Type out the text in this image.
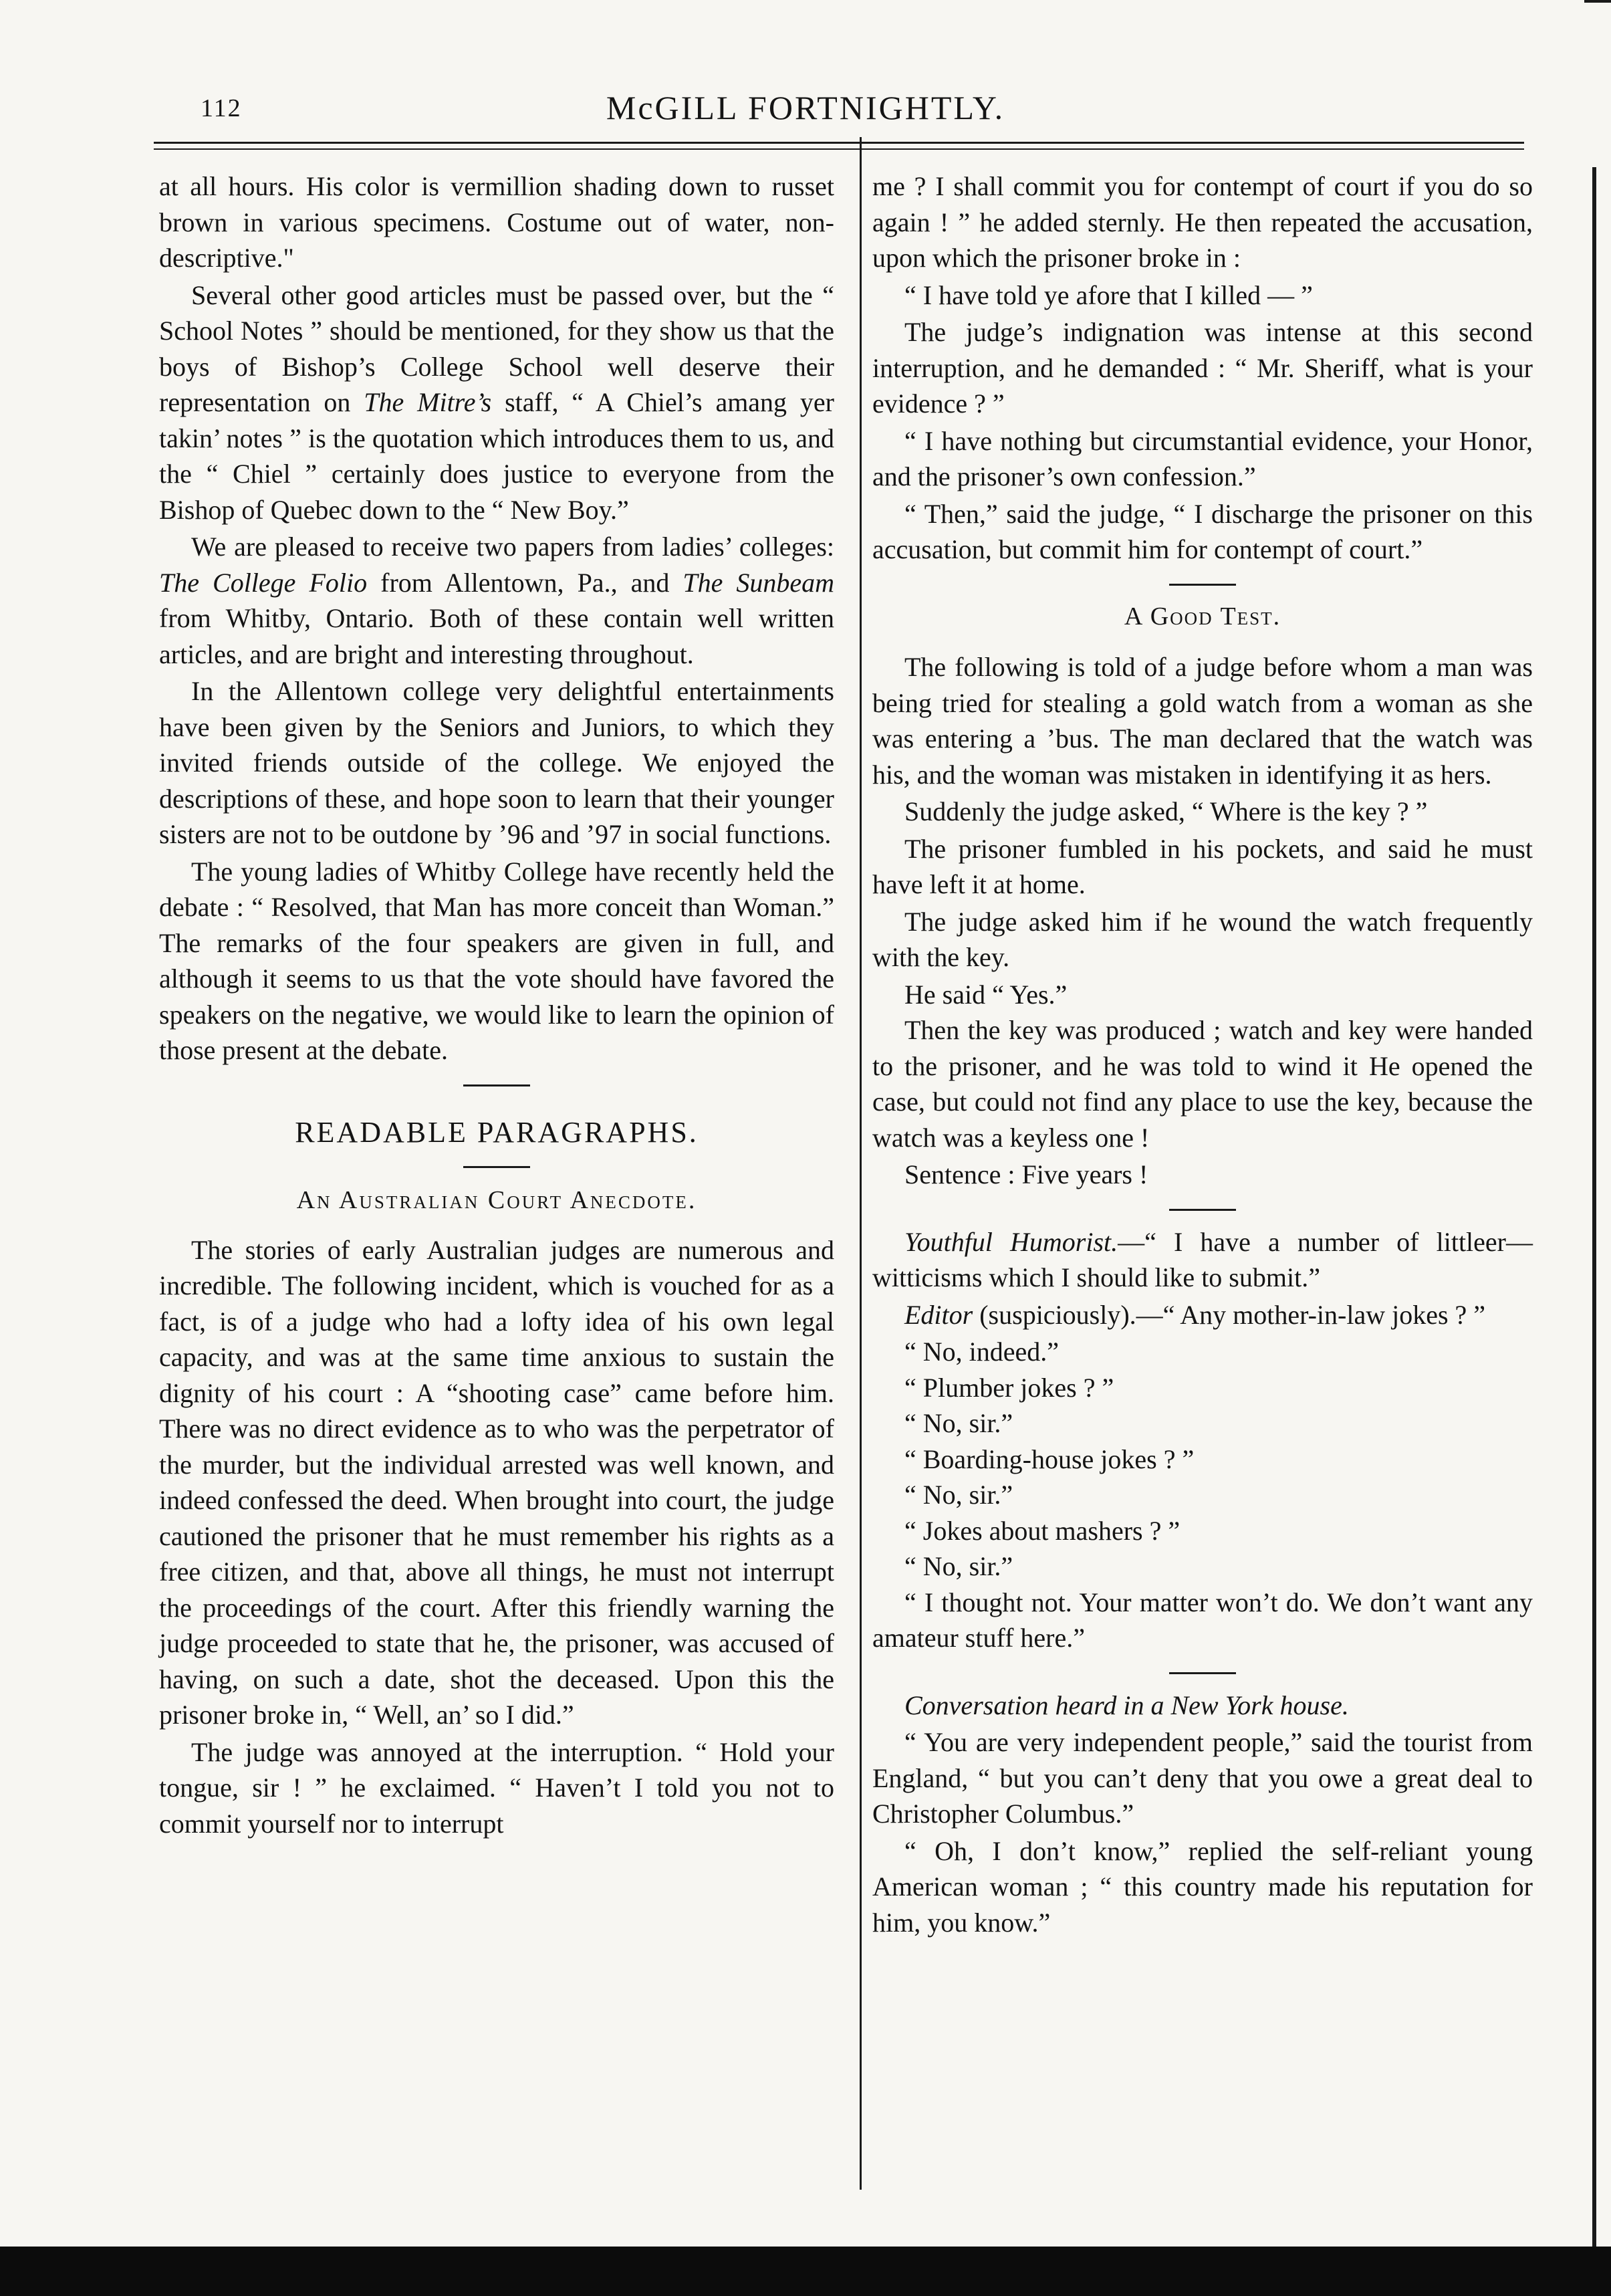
112	McGILL FORTNIGHTLY.

at all hours. His color is vermillion shading down to russet brown in various specimens. Costume out of water, non-descriptive."

Several other good articles must be passed over, but the “ School Notes ” should be mentioned, for they show us that the boys of Bishop’s College School well deserve their representation on The Mitre’s staff, “ A Chiel’s amang yer takin’ notes ” is the quotation which introduces them to us, and the “ Chiel ” certainly does justice to everyone from the Bishop of Quebec down to the “ New Boy.”

We are pleased to receive two papers from ladies’ colleges: The College Folio from Allentown, Pa., and The Sunbeam from Whitby, Ontario. Both of these contain well written articles, and are bright and interesting throughout.

In the Allentown college very delightful entertainments have been given by the Seniors and Juniors, to which they invited friends outside of the college. We enjoyed the descriptions of these, and hope soon to learn that their younger sisters are not to be outdone by ’96 and ’97 in social functions.

The young ladies of Whitby College have recently held the debate : “ Resolved, that Man has more conceit than Woman.” The remarks of the four speakers are given in full, and although it seems to us that the vote should have favored the speakers on the negative, we would like to learn the opinion of those present at the debate.

READABLE PARAGRAPHS.
An Australian Court Anecdote.

The stories of early Australian judges are numerous and incredible. The following incident, which is vouched for as a fact, is of a judge who had a lofty idea of his own legal capacity, and was at the same time anxious to sustain the dignity of his court : A “shooting case” came before him. There was no direct evidence as to who was the perpetrator of the murder, but the individual arrested was well known, and indeed confessed the deed. When brought into court, the judge cautioned the prisoner that he must remember his rights as a free citizen, and that, above all things, he must not interrupt the proceedings of the court. After this friendly warning the judge proceeded to state that he, the prisoner, was accused of having, on such a date, shot the deceased. Upon this the prisoner broke in, “ Well, an’ so I did.”

The judge was annoyed at the interruption. “ Hold your tongue, sir ! ” he exclaimed. “ Haven’t I told you not to commit yourself nor to interrupt

me ? I shall commit you for contempt of court if you do so again ! ” he added sternly. He then repeated the accusation, upon which the prisoner broke in :

“ I have told ye afore that I killed — ”

The judge’s indignation was intense at this second interruption, and he demanded : “ Mr. Sheriff, what is your evidence ? ”

“ I have nothing but circumstantial evidence, your Honor, and the prisoner’s own confession.”

“ Then,” said the judge, “ I discharge the prisoner on this accusation, but commit him for contempt of court.”

A Good Test.

The following is told of a judge before whom a man was being tried for stealing a gold watch from a woman as she was entering a ’bus. The man declared that the watch was his, and the woman was mistaken in identifying it as hers.

Suddenly the judge asked, “ Where is the key ? ”

The prisoner fumbled in his pockets, and said he must have left it at home.

The judge asked him if he wound the watch frequently with the key.

He said “ Yes.”

Then the key was produced ; watch and key were handed to the prisoner, and he was told to wind it He opened the case, but could not find any place to use the key, because the watch was a keyless one !

Sentence : Five years !

Youthful Humorist.—“ I have a number of littleer—witticisms which I should like to submit.”

Editor (suspiciously).—“ Any mother-in-law jokes ? ”

“ No, indeed.”

“ Plumber jokes ? ”

“ No, sir.”

“ Boarding-house jokes ? ”

“ No, sir.”

“ Jokes about mashers ? ”

“ No, sir.”

“ I thought not. Your matter won’t do. We don’t want any amateur stuff here.”

Conversation heard in a New York house.

“ You are very independent people,” said the tourist from England, “ but you can’t deny that you owe a great deal to Christopher Columbus.”

“ Oh, I don’t know,” replied the self-reliant young American woman ; “ this country made his reputation for him, you know.”
